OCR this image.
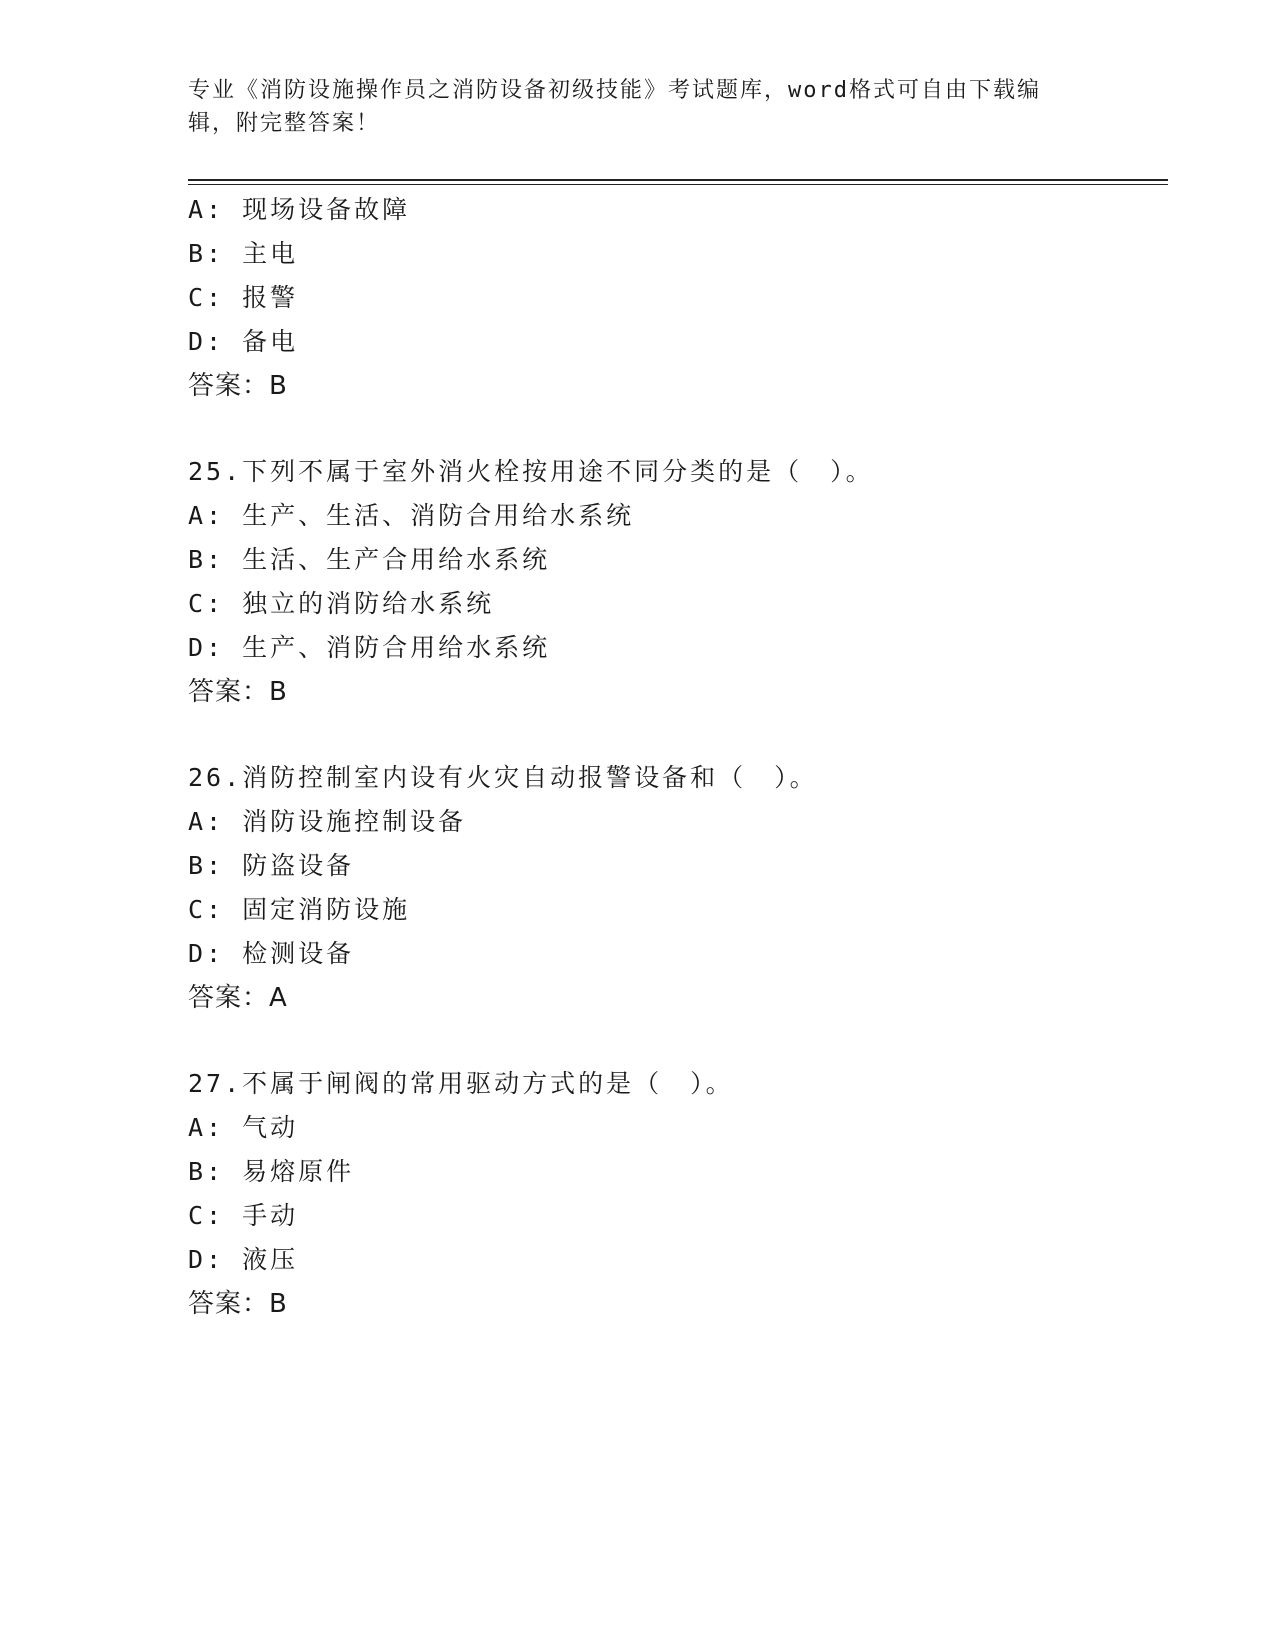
专业《消防设施操作员之消防设备初级技能》考试题库，word格式可自由下载编辑，附完整答案！
A: 现场设备故障
B: 主电
C: 报警
D: 备电
答案：B
25.下列不属于室外消火栓按用途不同分类的是（　）。
A: 生产、生活、消防合用给水系统
B: 生活、生产合用给水系统
C: 独立的消防给水系统
D: 生产、消防合用给水系统
答案：B
26.消防控制室内设有火灾自动报警设备和（　）。
A: 消防设施控制设备
B: 防盗设备
C: 固定消防设施
D: 检测设备
答案：A
27.不属于闸阀的常用驱动方式的是（　）。
A: 气动
B: 易熔原件
C: 手动
D: 液压
答案：B
